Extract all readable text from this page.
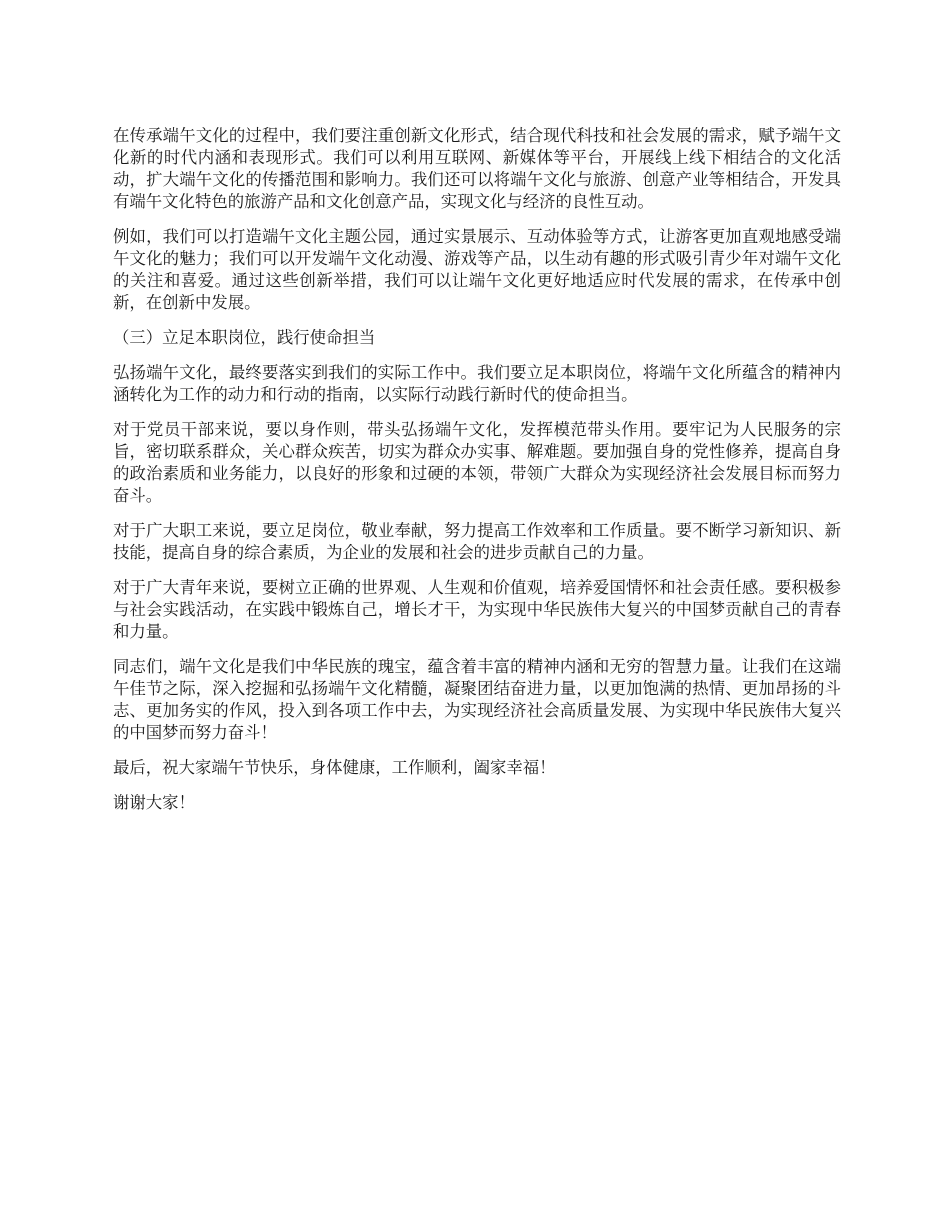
在传承端午文化的过程中，我们要注重创新文化形式，结合现代科技和社会发展的需求，赋予端午文化新的时代内涵和表现形式。我们可以利用互联网、新媒体等平台，开展线上线下相结合的文化活动，扩大端午文化的传播范围和影响力。我们还可以将端午文化与旅游、创意产业等相结合，开发具有端午文化特色的旅游产品和文化创意产品，实现文化与经济的良性互动。

例如，我们可以打造端午文化主题公园，通过实景展示、互动体验等方式，让游客更加直观地感受端午文化的魅力；我们可以开发端午文化动漫、游戏等产品，以生动有趣的形式吸引青少年对端午文化的关注和喜爱。通过这些创新举措，我们可以让端午文化更好地适应时代发展的需求，在传承中创新，在创新中发展。

（三）立足本职岗位，践行使命担当

弘扬端午文化，最终要落实到我们的实际工作中。我们要立足本职岗位，将端午文化所蕴含的精神内涵转化为工作的动力和行动的指南，以实际行动践行新时代的使命担当。

对于党员干部来说，要以身作则，带头弘扬端午文化，发挥模范带头作用。要牢记为人民服务的宗旨，密切联系群众，关心群众疾苦，切实为群众办实事、解难题。要加强自身的党性修养，提高自身的政治素质和业务能力，以良好的形象和过硬的本领，带领广大群众为实现经济社会发展目标而努力奋斗。

对于广大职工来说，要立足岗位，敬业奉献，努力提高工作效率和工作质量。要不断学习新知识、新技能，提高自身的综合素质，为企业的发展和社会的进步贡献自己的力量。

对于广大青年来说，要树立正确的世界观、人生观和价值观，培养爱国情怀和社会责任感。要积极参与社会实践活动，在实践中锻炼自己，增长才干，为实现中华民族伟大复兴的中国梦贡献自己的青春和力量。

同志们，端午文化是我们中华民族的瑰宝，蕴含着丰富的精神内涵和无穷的智慧力量。让我们在这端午佳节之际，深入挖掘和弘扬端午文化精髓，凝聚团结奋进力量，以更加饱满的热情、更加昂扬的斗志、更加务实的作风，投入到各项工作中去，为实现经济社会高质量发展、为实现中华民族伟大复兴的中国梦而努力奋斗！

最后，祝大家端午节快乐，身体健康，工作顺利，阖家幸福！

谢谢大家！
